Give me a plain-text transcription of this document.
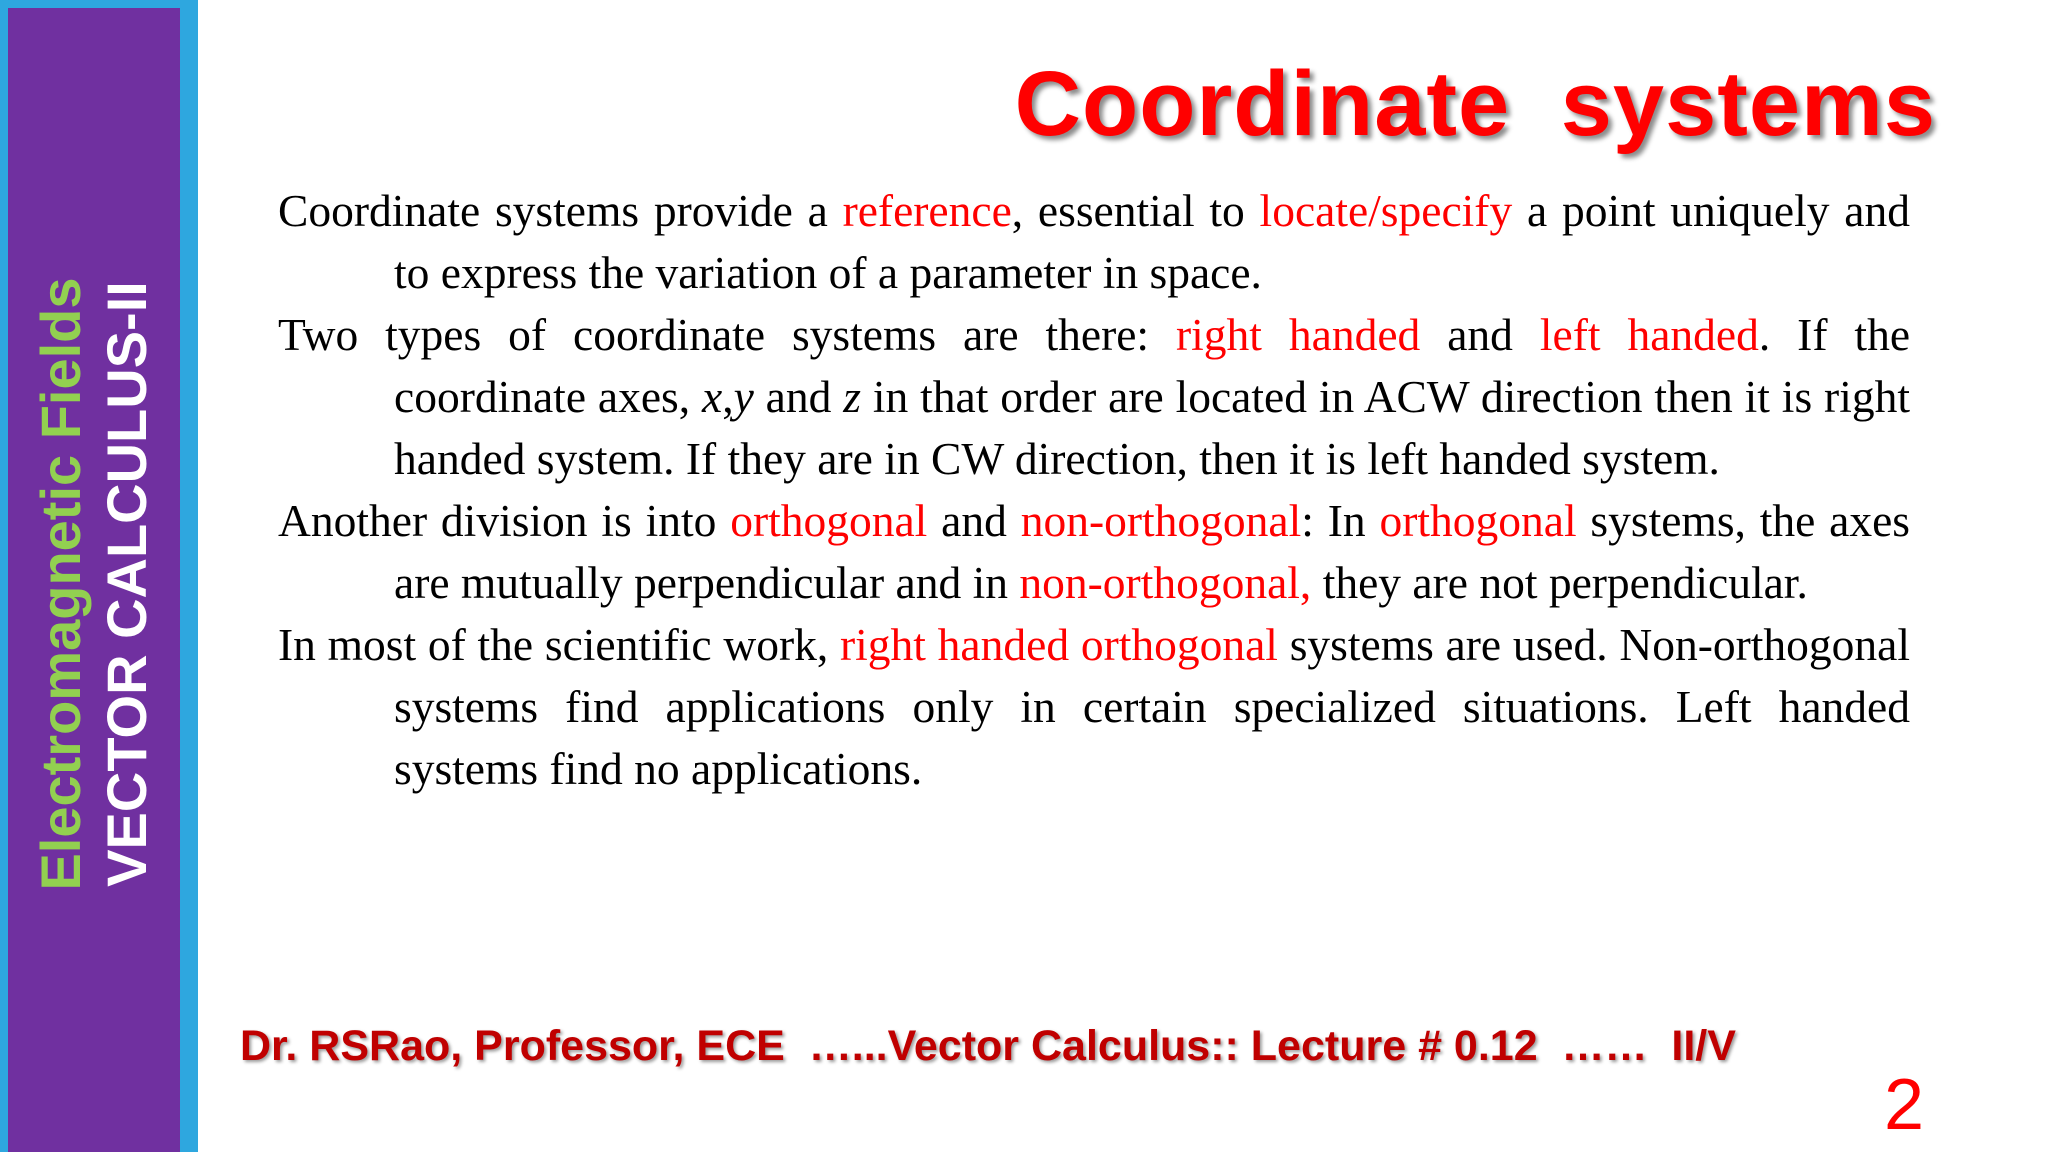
Electromagnetic Fields VECTOR CALCULUS-II
Coordinate systems

Coordinate systems provide a reference, essential to locate/specify a point uniquely and to express the variation of a parameter in space.

Two types of coordinate systems are there: right handed and left handed. If the coordinate axes, x,y and z in that order are located in ACW direction then it is right handed system. If they are in CW direction, then it is left handed system.

Another division is into orthogonal and non-orthogonal: In orthogonal systems, the axes are mutually perpendicular and in non-orthogonal, they are not perpendicular.

In most of the scientific work, right handed orthogonal systems are used. Non-orthogonal systems find applications only in certain specialized situations. Left handed systems find no applications.

Dr. RSRao, Professor, ECE  …...Vector Calculus:: Lecture # 0.12  ……  II/V
2
